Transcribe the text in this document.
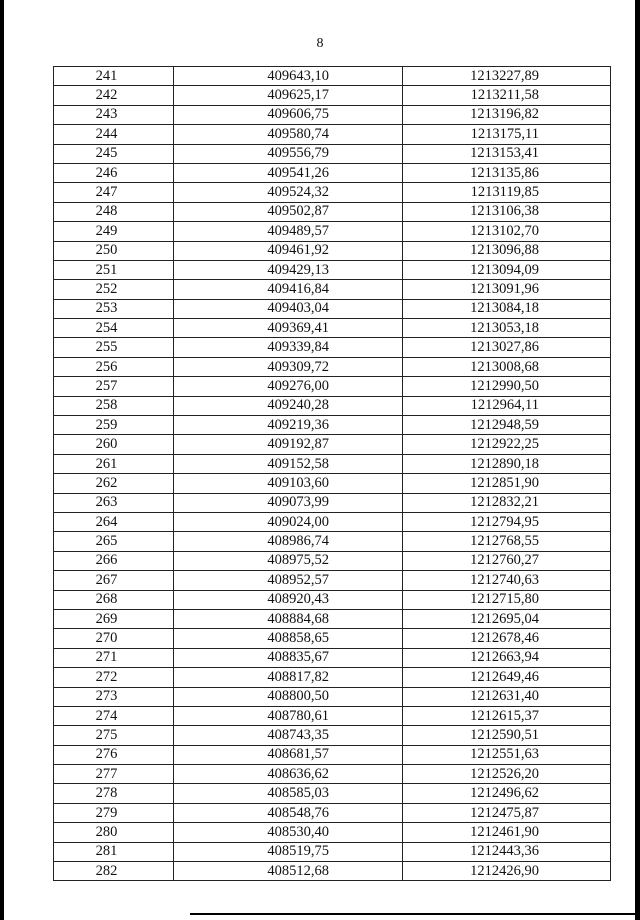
8
241	409643,10	1213227,89
242	409625,17	1213211,58
243	409606,75	1213196,82
244	409580,74	1213175,11
245	409556,79	1213153,41
246	409541,26	1213135,86
247	409524,32	1213119,85
248	409502,87	1213106,38
249	409489,57	1213102,70
250	409461,92	1213096,88
251	409429,13	1213094,09
252	409416,84	1213091,96
253	409403,04	1213084,18
254	409369,41	1213053,18
255	409339,84	1213027,86
256	409309,72	1213008,68
257	409276,00	1212990,50
258	409240,28	1212964,11
259	409219,36	1212948,59
260	409192,87	1212922,25
261	409152,58	1212890,18
262	409103,60	1212851,90
263	409073,99	1212832,21
264	409024,00	1212794,95
265	408986,74	1212768,55
266	408975,52	1212760,27
267	408952,57	1212740,63
268	408920,43	1212715,80
269	408884,68	1212695,04
270	408858,65	1212678,46
271	408835,67	1212663,94
272	408817,82	1212649,46
273	408800,50	1212631,40
274	408780,61	1212615,37
275	408743,35	1212590,51
276	408681,57	1212551,63
277	408636,62	1212526,20
278	408585,03	1212496,62
279	408548,76	1212475,87
280	408530,40	1212461,90
281	408519,75	1212443,36
282	408512,68	1212426,90
